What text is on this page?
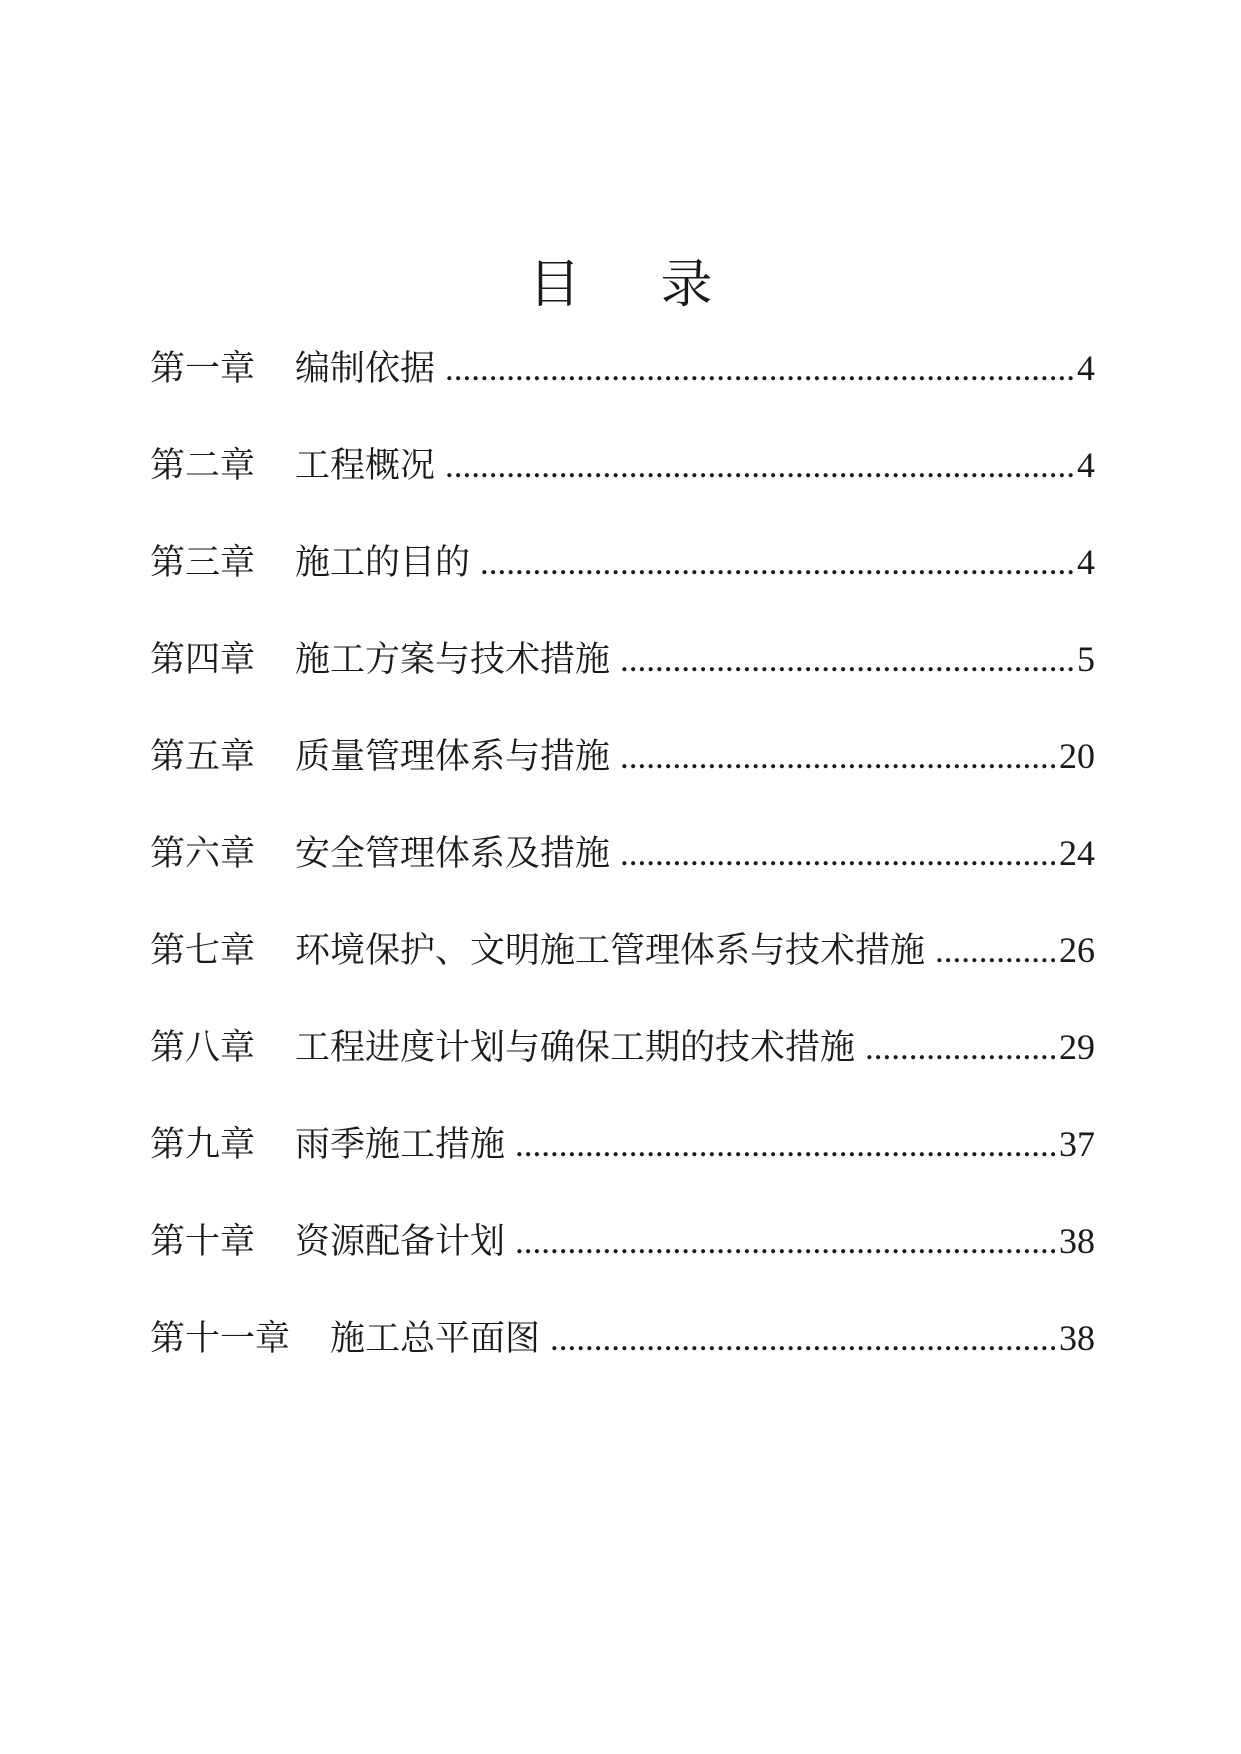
目 录
第一章 编制依据 .....	4
第二章 工程概况 .....	4
第三章 施工的目的 .....	4
第四章 施工方案与技术措施 .....	5
第五章 质量管理体系与措施 .....	20
第六章 安全管理体系及措施 .....	24
第七章 环境保护、文明施工管理体系与技术措施 .....	26
第八章 工程进度计划与确保工期的技术措施 .....	29
第九章 雨季施工措施 .....	37
第十章 资源配备计划 .....	38
第十一章 施工总平面图 .....	38
